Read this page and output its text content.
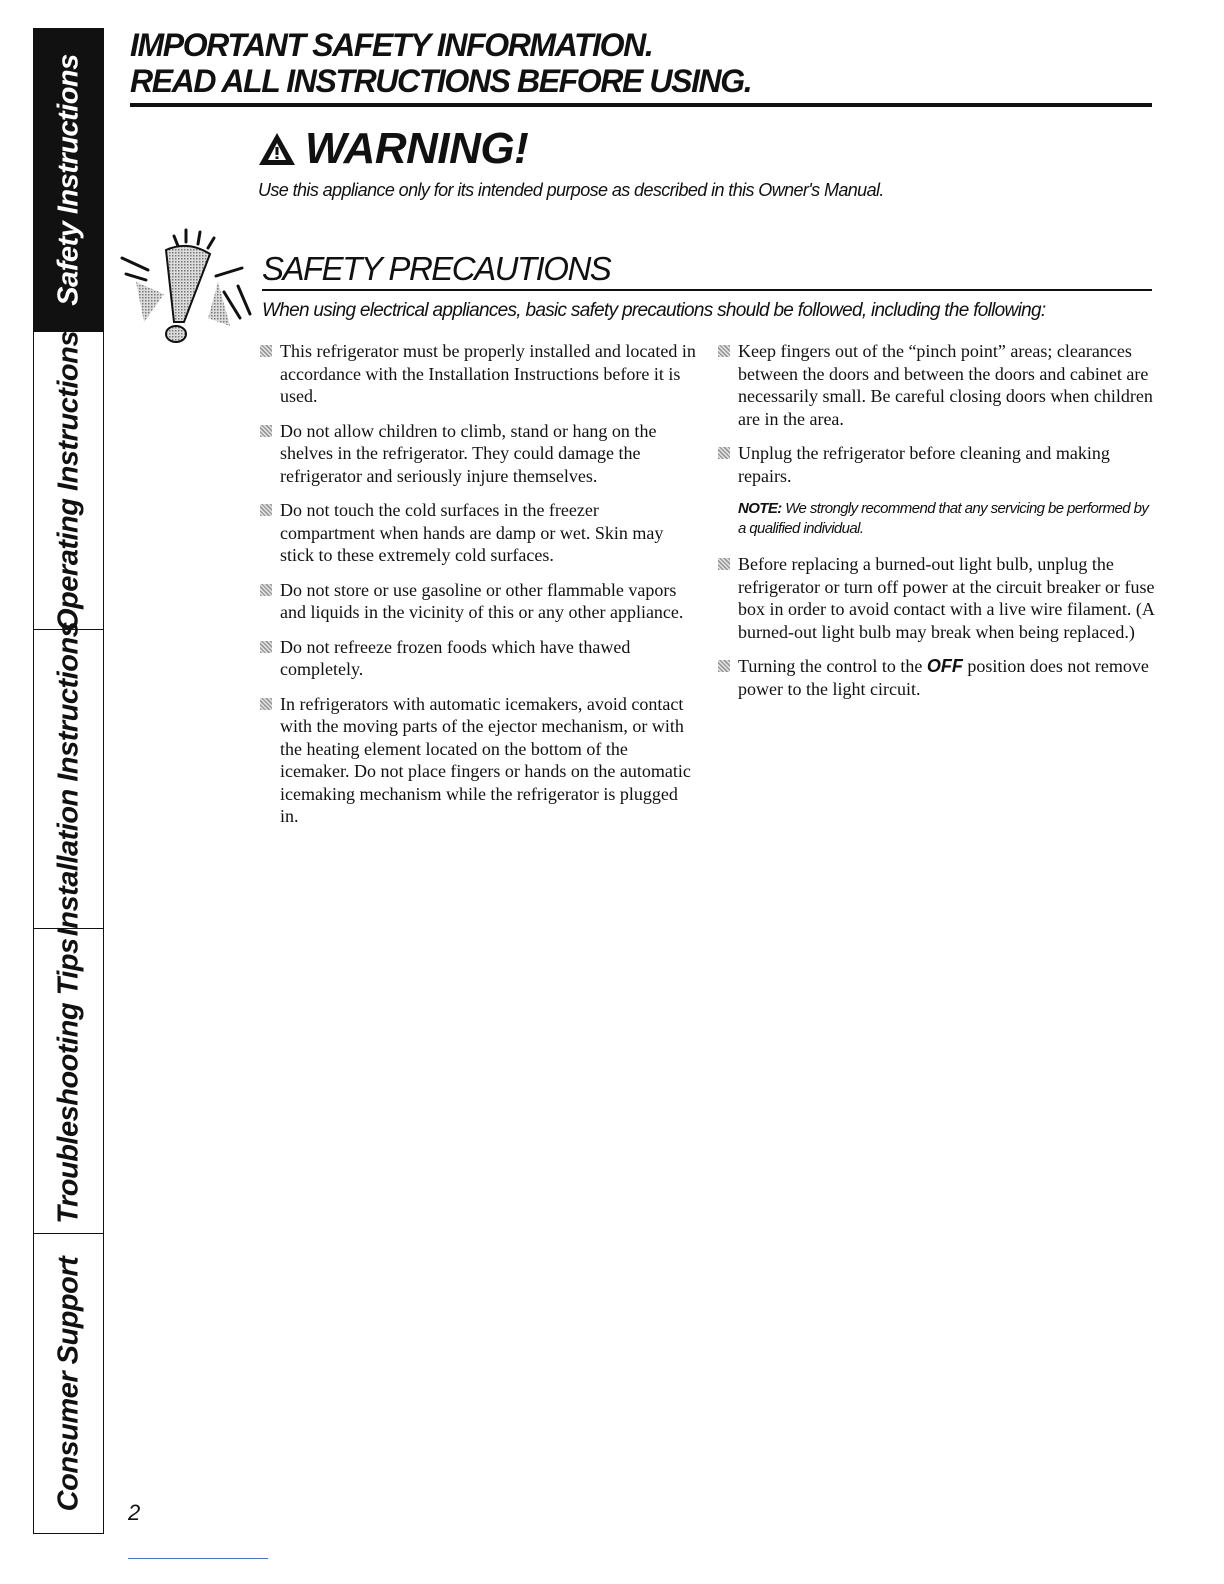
Safety Instructions
Operating Instructions
Installation Instructions
Troubleshooting Tips
Consumer Support

IMPORTANT SAFETY INFORMATION.

READ ALL INSTRUCTIONS BEFORE USING.

WARNING!
Use this appliance only for its intended purpose as described in this Owner's Manual.
SAFETY PRECAUTIONS
When using electrical appliances, basic safety precautions should be followed, including the following:
This refrigerator must be properly installed and located in accordance with the Installation Instructions before it is used.
Do not allow children to climb, stand or hang on the shelves in the refrigerator. They could damage the refrigerator and seriously injure themselves.
Do not touch the cold surfaces in the freezer compartment when hands are damp or wet. Skin may stick to these extremely cold surfaces.
Do not store or use gasoline or other flammable vapors and liquids in the vicinity of this or any other appliance.
Do not refreeze frozen foods which have thawed completely.
In refrigerators with automatic icemakers, avoid contact with the moving parts of the ejector mechanism, or with the heating element located on the bottom of the icemaker. Do not place fingers or hands on the automatic icemaking mechanism while the refrigerator is plugged in.
Keep fingers out of the “pinch point” areas; clearances between the doors and between the doors and cabinet are necessarily small. Be careful closing doors when children are in the area.
Unplug the refrigerator before cleaning and making repairs.

NOTE: We strongly recommend that any servicing be performed by a qualified individual.

Before replacing a burned-out light bulb, unplug the refrigerator or turn off power at the circuit breaker or fuse box in order to avoid contact with a live wire filament. (A burned-out light bulb may break when being replaced.)
Turning the control to the OFF position does not remove power to the light circuit.
2
